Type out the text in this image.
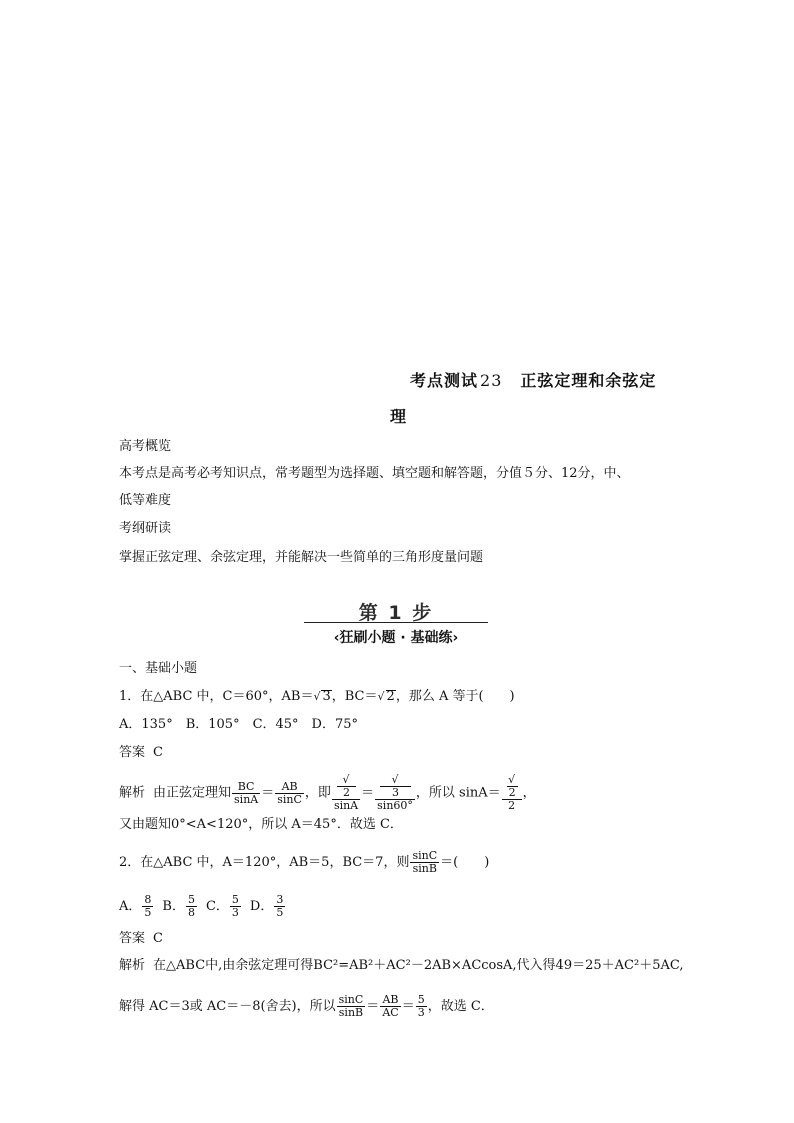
考点测试 23 正弦定理和余弦定
理
高考概览
本考点是高考必考知识点，常考题型为选择题、填空题和解答题，分值５分、12分，中、
低等难度
考纲研读
掌握正弦定理、余弦定理，并能解决一些简单的三角形度量问题
第 1 步
‹狂刷小题 · 基础练›
一、基础小题
1．在△ABC 中，C＝60°，AB＝ √ 3，BC＝ √ 2，那么 A 等于(　　)
A．135°　B．105°　C．45°　D．75°
答案 C
解析 由正弦定理知 $\frac{BC}{\sin A} = \frac{AB}{\sin C}$ ，即 √ $\frac{2}{\sin A}$ ＝ √ $\frac{3}{\sin 60^\circ}$ ，所以 sinA＝ √ $\frac{2}{2}$ ，
又由题知0°<A<120°，所以 A＝45°．故选 C．
2．在△ABC 中，A＝120°，AB＝5，BC＝7，则 $\frac{\sin C}{\sin B}$ ＝(　　)
A． $\frac{8}{5}$ B． $\frac{5}{8}$ C． $\frac{5}{3}$ D． $\frac{3}{5}$
答案 C
解析 在△ABC中,由余弦定理可得BC²=AB²＋AC²－2AB×ACcosA,代入得49＝25＋AC²＋5AC,
解得 AC＝3或 AC＝－8(舍去)，所以 $\frac{\sin C}{\sin B} = \frac{AB}{AC} = \frac{5}{3}$ ，故选 C．
